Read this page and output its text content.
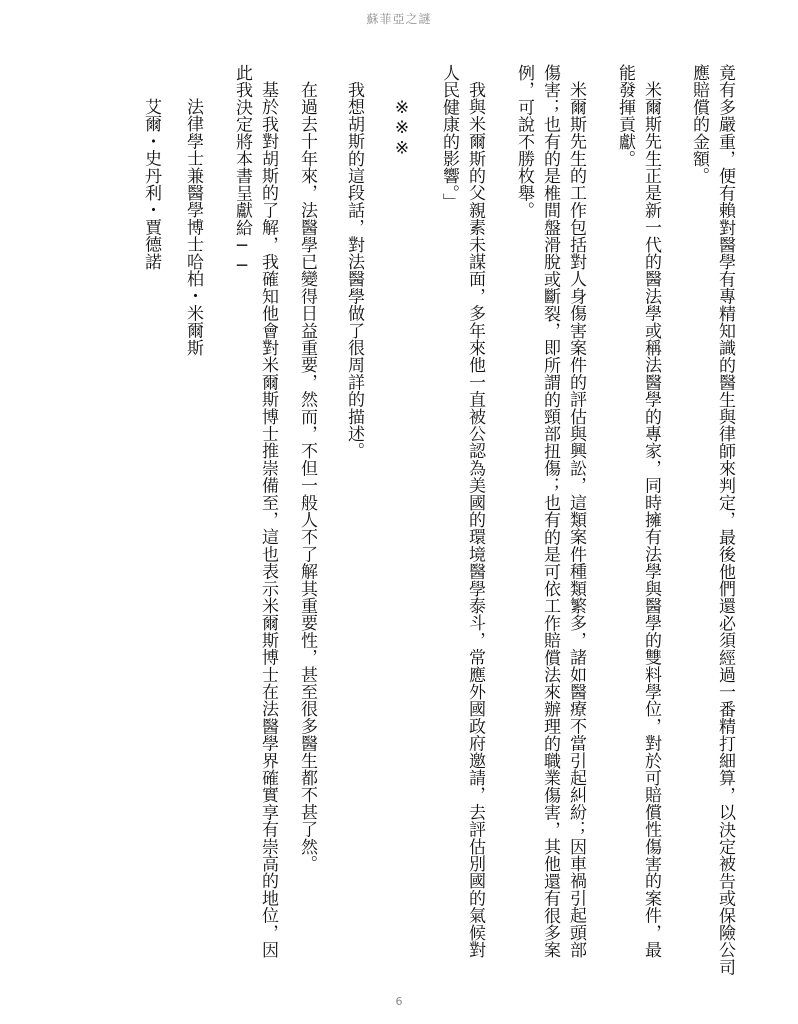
蘇菲亞之謎
竟有多嚴重，便有賴對醫學有專精知識的醫生與律師來判定，最後他們還必須經過一番精打細算，以決定被告或保險公司
應賠償的金額。
米爾斯先生正是新一代的醫法學或稱法醫學的專家，同時擁有法學與醫學的雙料學位，對於可賠償性傷害的案件，最
能發揮貢獻。
米爾斯先生的工作包括對人身傷害案件的評估與興訟，這類案件種類繁多，諸如醫療不當引起糾紛；因車禍引起頭部
傷害；也有的是椎間盤滑脫或斷裂，即所謂的頸部扭傷；也有的是可依工作賠償法來辦理的職業傷害，其他還有很多案
例，可說不勝枚舉。
我與米爾斯的父親素未謀面，多年來他一直被公認為美國的環境醫學泰斗，常應外國政府邀請，去評估別國的氣候對
人民健康的影響。」
※※※
我想胡斯的這段話，對法醫學做了很周詳的描述。
在過去十年來，法醫學已變得日益重要，然而，不但一般人不了解其重要性，甚至很多醫生都不甚了然。
基於我對胡斯的了解，我確知他會對米爾斯博士推崇備至，這也表示米爾斯博士在法醫學界確實享有崇高的地位，因
此我決定將本書呈獻給──
法律學士兼醫學博士哈柏・米爾斯
艾爾・史丹利・賈德諾
6
